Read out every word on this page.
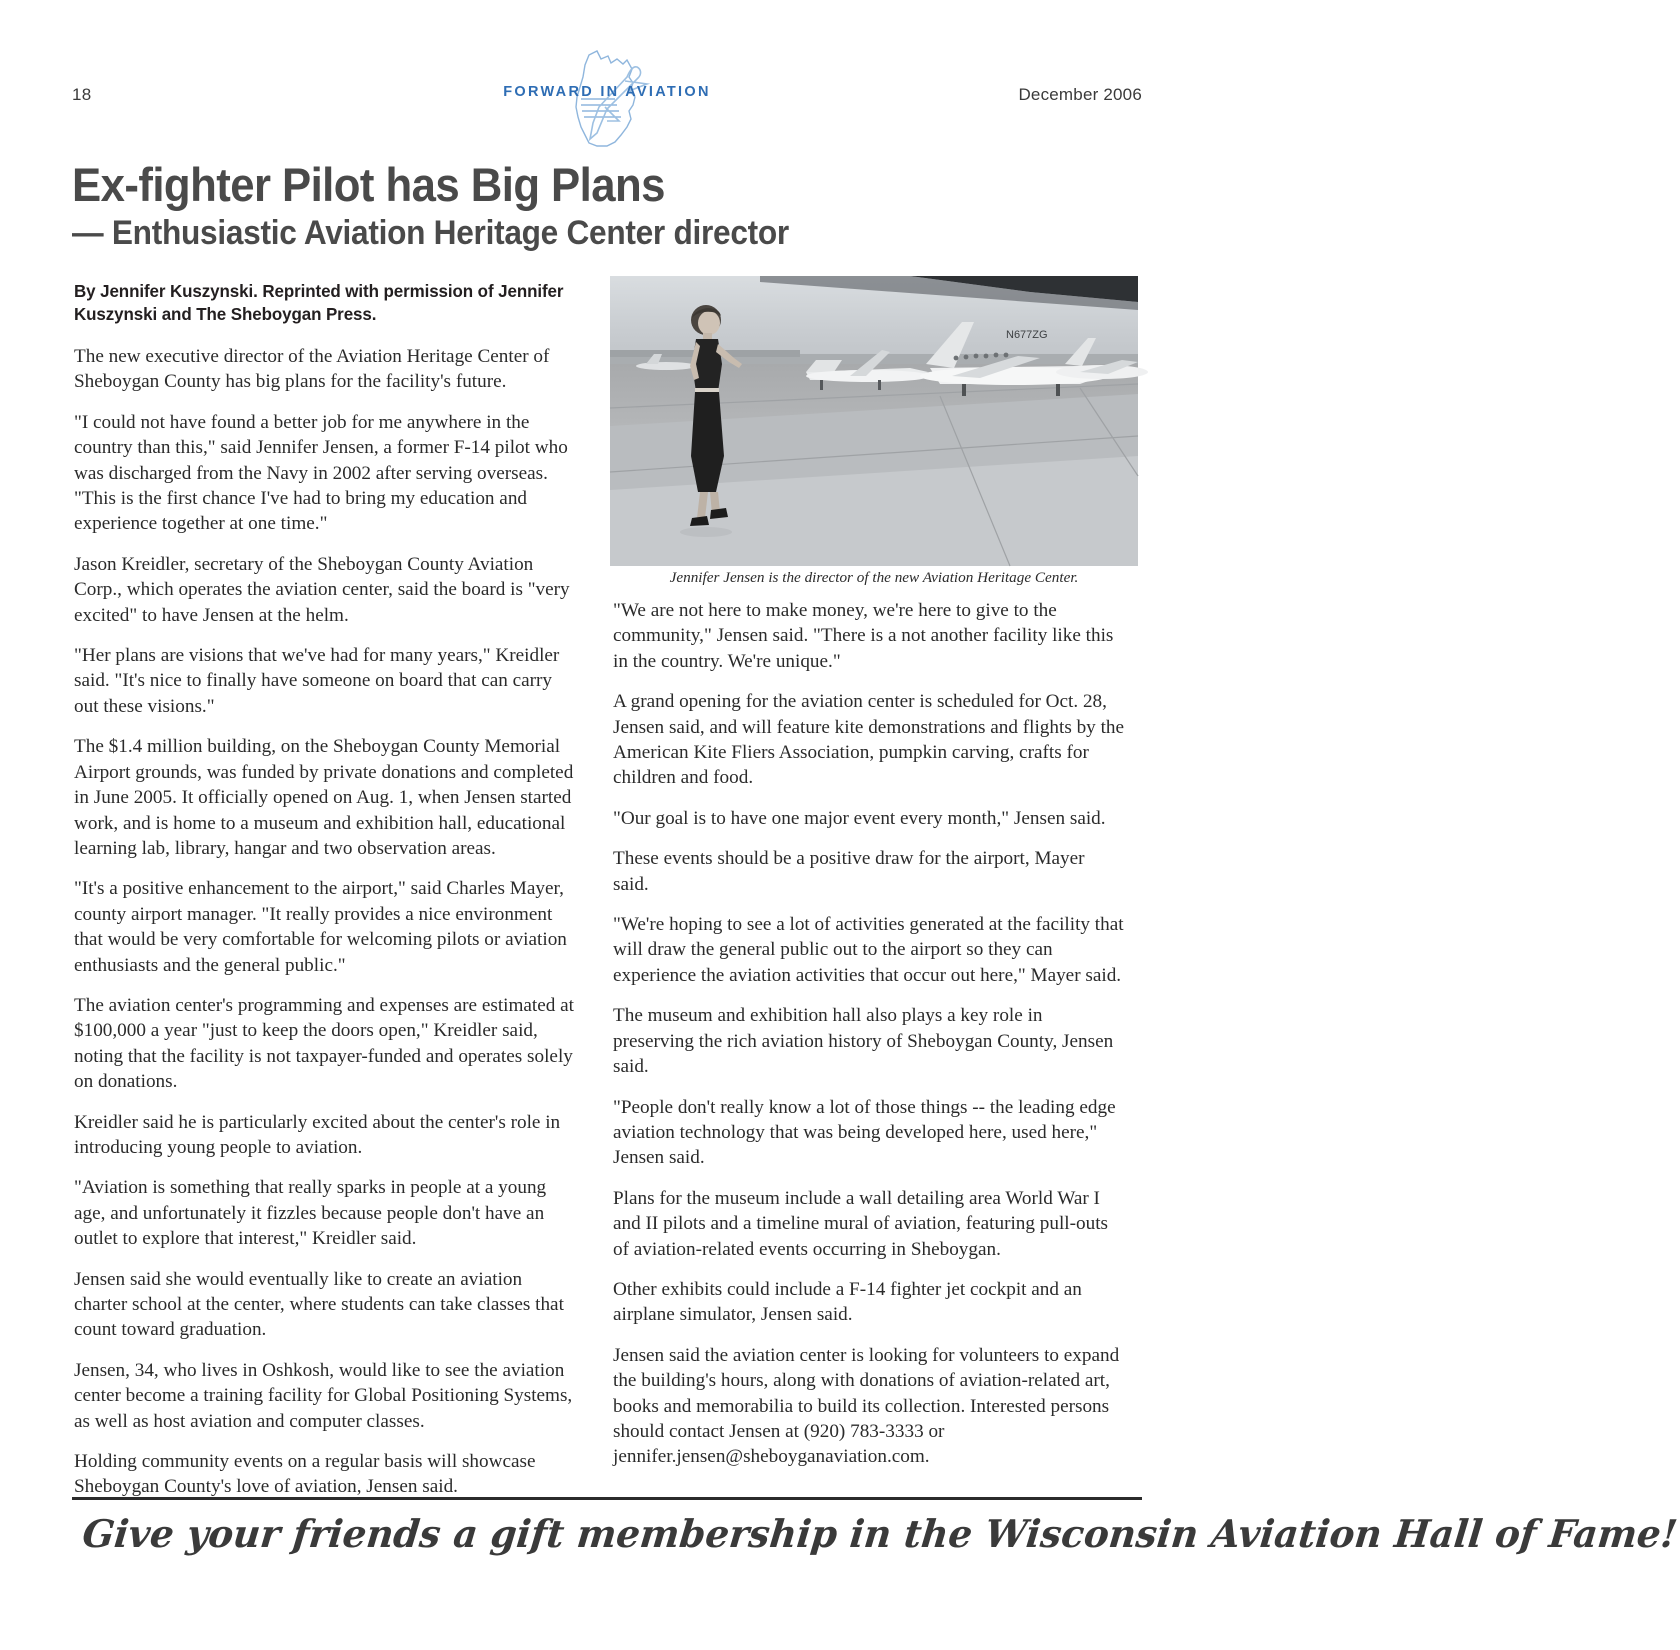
18	FORWARD IN AVIATION	December 2006
Ex-fighter Pilot has Big Plans
— Enthusiastic Aviation Heritage Center director
N677ZG
Jennifer Jensen is the director of the new Aviation Heritage Center.
By Jennifer Kuszynski. Reprinted with permission of Jennifer Kuszynski and The Sheboygan Press.

The new executive director of the Aviation Heritage Center of Sheboygan County has big plans for the facility's future.

"I could not have found a better job for me anywhere in the country than this," said Jennifer Jensen, a former F-14 pilot who was discharged from the Navy in 2002 after serving overseas. "This is the first chance I've had to bring my education and experience together at one time."

Jason Kreidler, secretary of the Sheboygan County Aviation Corp., which operates the aviation center, said the board is "very excited" to have Jensen at the helm.

"Her plans are visions that we've had for many years," Kreidler said. "It's nice to finally have someone on board that can carry out these visions."

The $1.4 million building, on the Sheboygan County Memorial Airport grounds, was funded by private donations and completed in June 2005. It officially opened on Aug. 1, when Jensen started work, and is home to a museum and exhibition hall, educational learning lab, library, hangar and two observation areas.

"It's a positive enhancement to the airport," said Charles Mayer, county airport manager. "It really provides a nice environment that would be very comfortable for welcoming pilots or aviation enthusiasts and the general public."

The aviation center's programming and expenses are estimated at $100,000 a year "just to keep the doors open," Kreidler said, noting that the facility is not taxpayer-funded and operates solely on donations.

Kreidler said he is particularly excited about the center's role in introducing young people to aviation.

"Aviation is something that really sparks in people at a young age, and unfortunately it fizzles because people don't have an outlet to explore that interest," Kreidler said.

Jensen said she would eventually like to create an aviation charter school at the center, where students can take classes that count toward graduation.

Jensen, 34, who lives in Oshkosh, would like to see the aviation center become a training facility for Global Positioning Systems, as well as host aviation and computer classes.

Holding community events on a regular basis will showcase Sheboygan County's love of aviation, Jensen said.

"We are not here to make money, we're here to give to the community," Jensen said. "There is a not another facility like this in the country. We're unique."

A grand opening for the aviation center is scheduled for Oct. 28, Jensen said, and will feature kite demonstrations and flights by the American Kite Fliers Association, pumpkin carving, crafts for children and food.

"Our goal is to have one major event every month," Jensen said.

These events should be a positive draw for the airport, Mayer said.

"We're hoping to see a lot of activities generated at the facility that will draw the general public out to the airport so they can experience the aviation activities that occur out here," Mayer said.

The museum and exhibition hall also plays a key role in preserving the rich aviation history of Sheboygan County, Jensen said.

"People don't really know a lot of those things -- the leading edge aviation technology that was being developed here, used here," Jensen said.

Plans for the museum include a wall detailing area World War I and II pilots and a timeline mural of aviation, featuring pull-outs of aviation-related events occurring in Sheboygan.

Other exhibits could include a F-14 fighter jet cockpit and an airplane simulator, Jensen said.

Jensen said the aviation center is looking for volunteers to expand the building's hours, along with donations of aviation-related art, books and memorabilia to build its collection. Interested persons should contact Jensen at (920) 783-3333 or jennifer.jensen@sheboyganaviation.com.

Give your friends a gift membership in the Wisconsin Aviation Hall of Fame!
